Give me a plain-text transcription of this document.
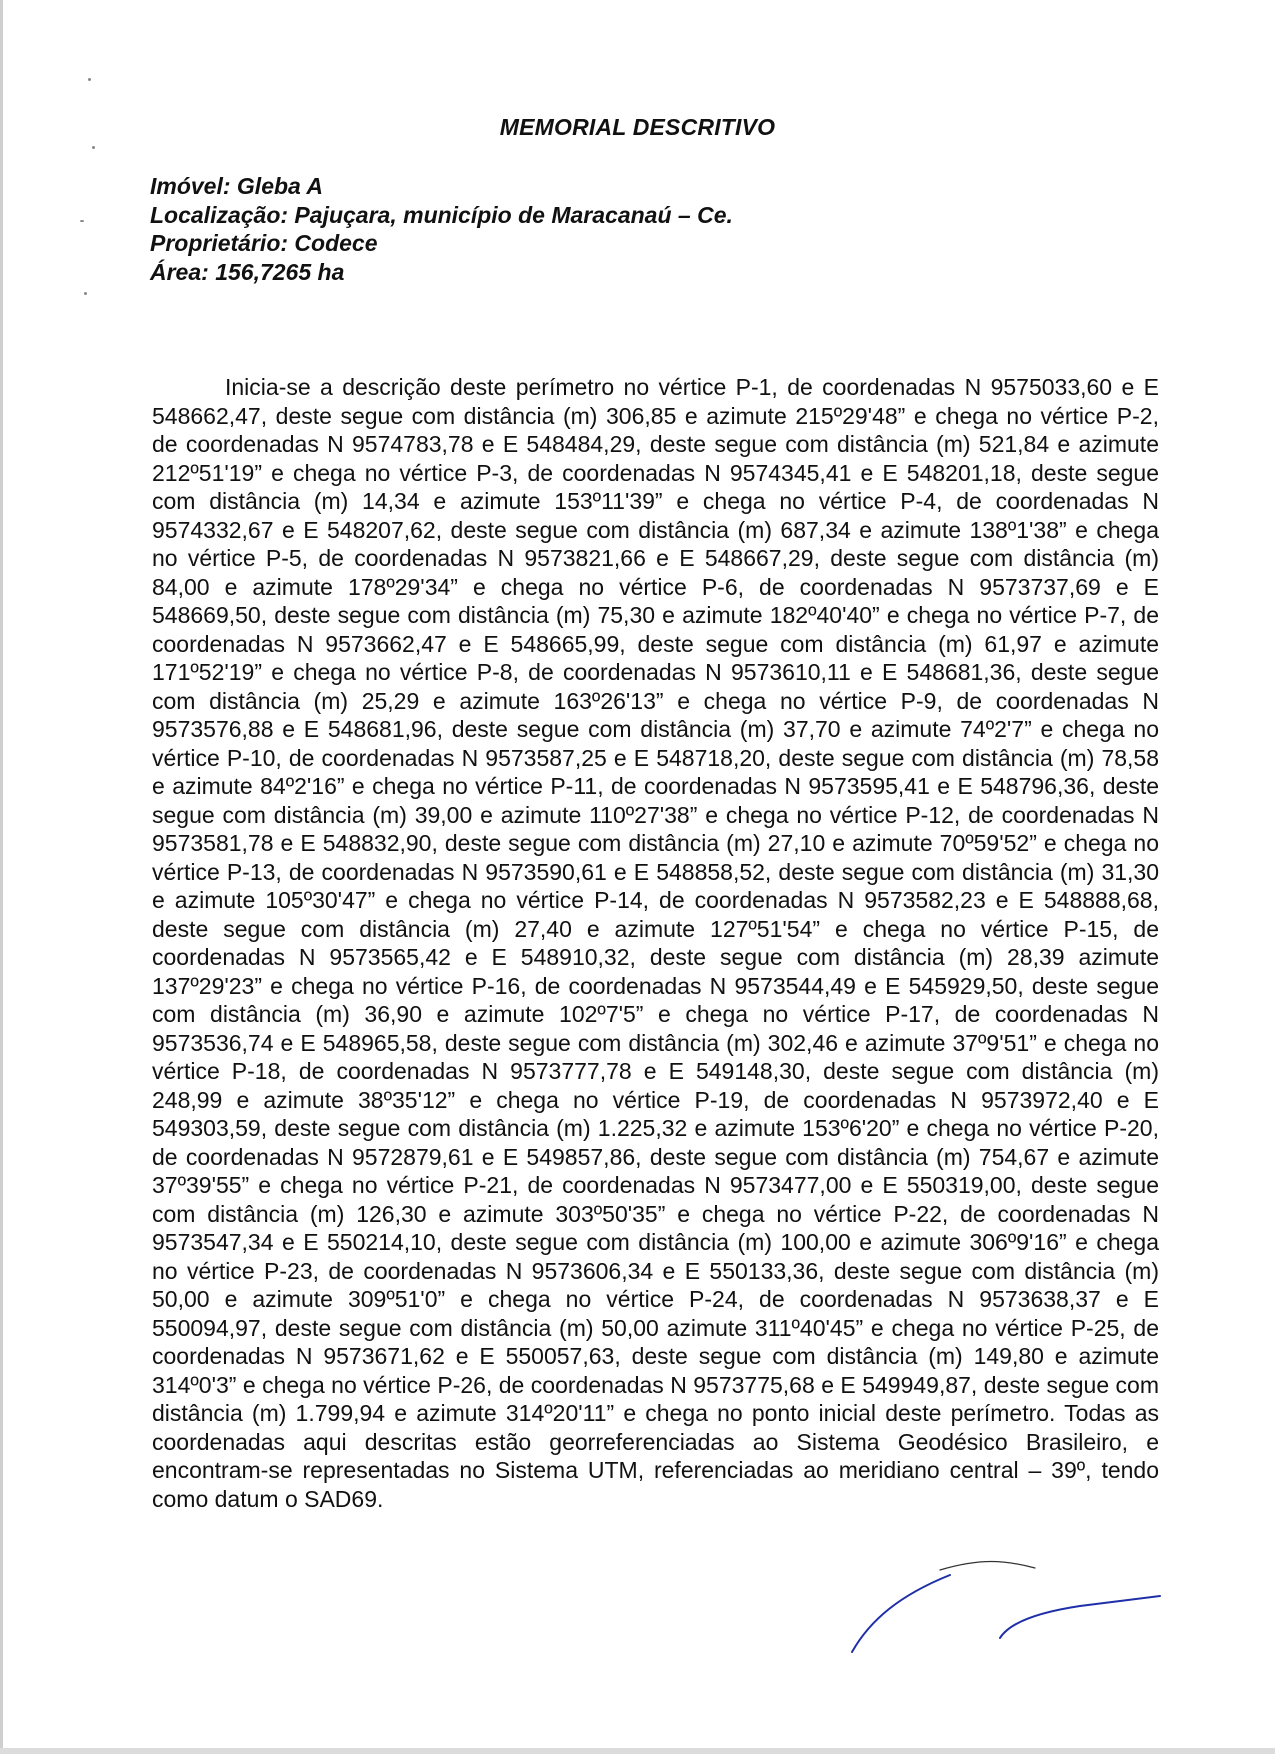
MEMORIAL DESCRITIVO
Imóvel: Gleba A
Localização: Pajuçara, município de Maracanaú – Ce.
Proprietário: Codece
Área: 156,7265 ha
Inicia-se a descrição deste perímetro no vértice P-1, de coordenadas N 9575033,60 e E 548662,47, deste segue com distância (m) 306,85 e azimute 215º29'48” e chega no vértice P-2, de coordenadas N 9574783,78 e E 548484,29, deste segue com distância (m) 521,84 e azimute 212º51'19” e chega no vértice P-3, de coordenadas N 9574345,41 e E 548201,18, deste segue com distância (m) 14,34 e azimute 153º11'39” e chega no vértice P-4, de coordenadas N 9574332,67 e E 548207,62, deste segue com distância (m) 687,34 e azimute 138º1'38” e chega no vértice P-5, de coordenadas N 9573821,66 e E 548667,29, deste segue com distância (m) 84,00 e azimute 178º29'34” e chega no vértice P-6, de coordenadas N 9573737,69 e E 548669,50, deste segue com distância (m) 75,30 e azimute 182º40'40” e chega no vértice P-7, de coordenadas N 9573662,47 e E 548665,99, deste segue com distância (m) 61,97 e azimute 171º52'19” e chega no vértice P-8, de coordenadas N 9573610,11 e E 548681,36, deste segue com distância (m) 25,29 e azimute 163º26'13” e chega no vértice P-9, de coordenadas N 9573576,88 e E 548681,96, deste segue com distância (m) 37,70 e azimute 74º2'7” e chega no vértice P-10, de coordenadas N 9573587,25 e E 548718,20, deste segue com distância (m) 78,58 e azimute 84º2'16” e chega no vértice P-11, de coordenadas N 9573595,41 e E 548796,36, deste segue com distância (m) 39,00 e azimute 110º27'38” e chega no vértice P-12, de coordenadas N 9573581,78 e E 548832,90, deste segue com distância (m) 27,10 e azimute 70º59'52” e chega no vértice P-13, de coordenadas N 9573590,61 e E 548858,52, deste segue com distância (m) 31,30 e azimute 105º30'47” e chega no vértice P-14, de coordenadas N 9573582,23 e E 548888,68, deste segue com distância (m) 27,40 e azimute 127º51'54” e chega no vértice P-15, de coordenadas N 9573565,42 e E 548910,32, deste segue com distância (m) 28,39 azimute 137º29'23” e chega no vértice P-16, de coordenadas N 9573544,49 e E 545929,50, deste segue com distância (m) 36,90 e azimute 102º7'5” e chega no vértice P-17, de coordenadas N 9573536,74 e E 548965,58, deste segue com distância (m) 302,46 e azimute 37º9'51” e chega no vértice P-18, de coordenadas N 9573777,78 e E 549148,30, deste segue com distância (m) 248,99 e azimute 38º35'12” e chega no vértice P-19, de coordenadas N 9573972,40 e E 549303,59, deste segue com distância (m) 1.225,32 e azimute 153º6'20” e chega no vértice P-20, de coordenadas N 9572879,61 e E 549857,86, deste segue com distância (m) 754,67 e azimute 37º39'55” e chega no vértice P-21, de coordenadas N 9573477,00 e E 550319,00, deste segue com distância (m) 126,30 e azimute 303º50'35” e chega no vértice P-22, de coordenadas N 9573547,34 e E 550214,10, deste segue com distância (m) 100,00 e azimute 306º9'16” e chega no vértice P-23, de coordenadas N 9573606,34 e E 550133,36, deste segue com distância (m) 50,00 e azimute 309º51'0” e chega no vértice P-24, de coordenadas N 9573638,37 e E 550094,97, deste segue com distância (m) 50,00 azimute 311º40'45” e chega no vértice P-25, de coordenadas N 9573671,62 e E 550057,63, deste segue com distância (m) 149,80 e azimute 314º0'3” e chega no vértice P-26, de coordenadas N 9573775,68 e E 549949,87, deste segue com distância (m) 1.799,94 e azimute 314º20'11” e chega no ponto inicial deste perímetro. Todas as coordenadas aqui descritas estão georreferenciadas ao Sistema Geodésico Brasileiro, e encontram-se representadas no Sistema UTM, referenciadas ao meridiano central – 39º, tendo como datum o SAD69.
